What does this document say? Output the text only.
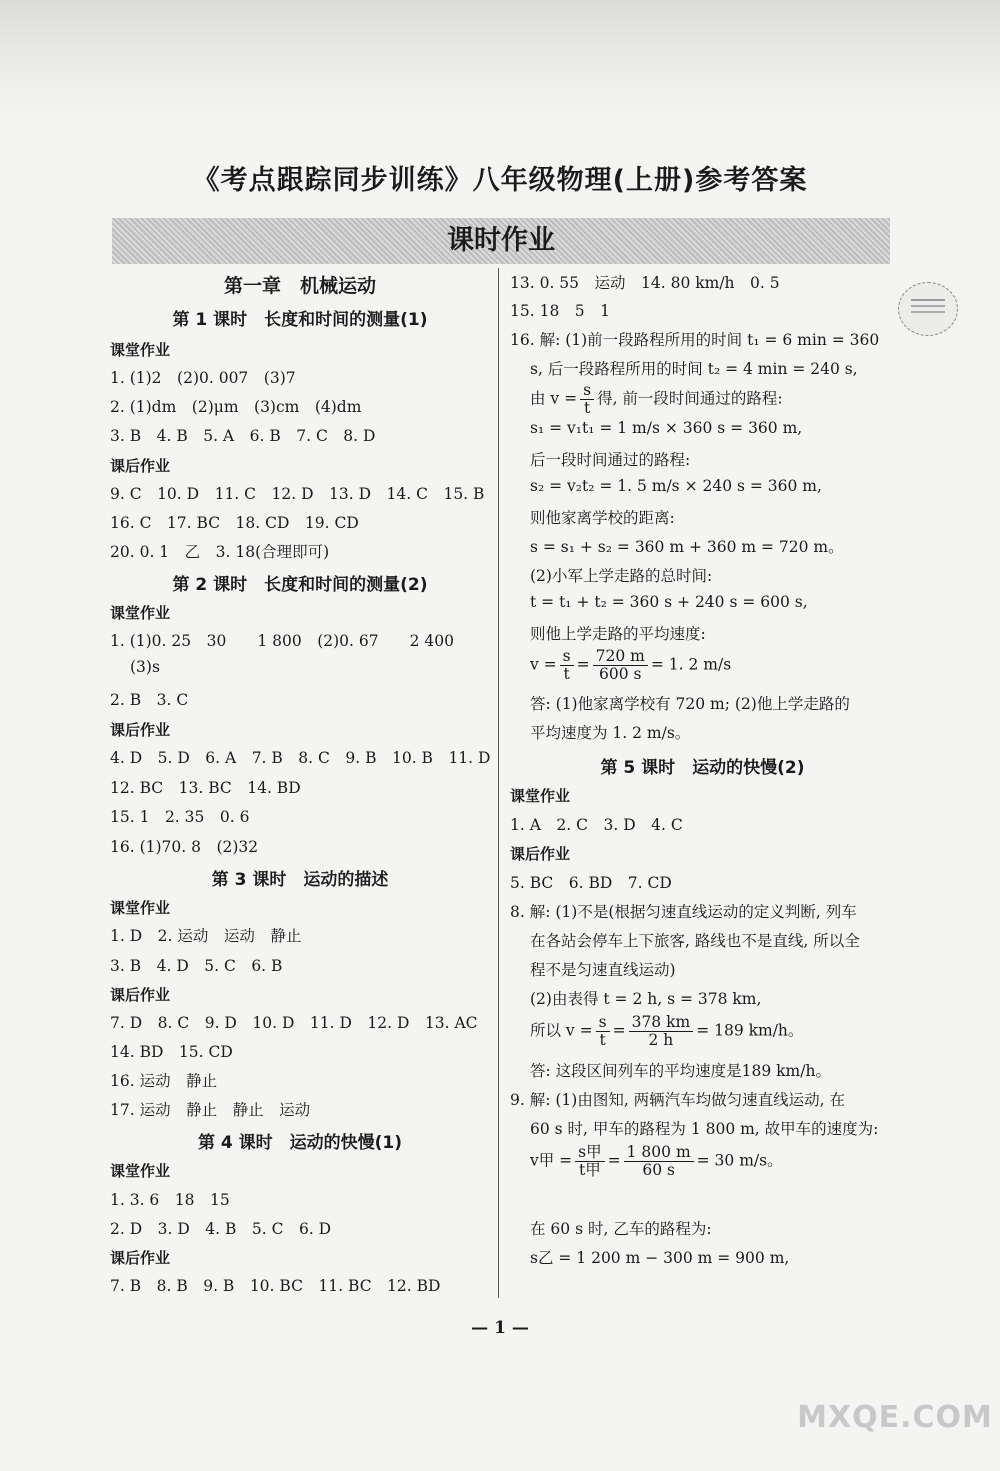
《考点跟踪同步训练》八年级物理(上册)参考答案
课时作业
第一章　机械运动
第 1 课时　长度和时间的测量(1)
课堂作业
1. (1)2　(2)0. 007　(3)7
2. (1)dm　(2)μm　(3)cm　(4)dm
3. B　4. B　5. A　6. B　7. C　8. D
课后作业
9. C　10. D　11. C　12. D　13. D　14. C　15. B
16. C　17. BC　18. CD　19. CD
20. 0. 1　乙　3. 18(合理即可)
第 2 课时　长度和时间的测量(2)
课堂作业
1. (1)0. 25　30　　1 800　(2)0. 67　　2 400
(3)s
2. B　3. C
课后作业
4. D　5. D　6. A　7. B　8. C　9. B　10. B　11. D
12. BC　13. BC　14. BD
15. 1　2. 35　0. 6
16. (1)70. 8　(2)32
第 3 课时　运动的描述
课堂作业
1. D　2. 运动　运动　静止
3. B　4. D　5. C　6. B
课后作业
7. D　8. C　9. D　10. D　11. D　12. D　13. AC
14. BD　15. CD
16. 运动　静止
17. 运动　静止　静止　运动
第 4 课时　运动的快慢(1)
课堂作业
1. 3. 6　18　15
2. D　3. D　4. B　5. C　6. D
课后作业
7. B　8. B　9. B　10. BC　11. BC　12. BD
13. 0. 55　运动　14. 80 km/h　0. 5
15. 18　5　1
16. 解: (1)前一段路程所用的时间 t₁ = 6 min = 360
s, 后一段路程所用的时间 t₂ = 4 min = 240 s,
由 $v = \frac{s}{t}$ 得, 前一段时间通过的路程:
s₁ = v₁t₁ = 1 m/s × 360 s = 360 m,
后一段时间通过的路程:
s₂ = v₂t₂ = 1. 5 m/s × 240 s = 360 m,
则他家离学校的距离:
s = s₁ + s₂ = 360 m + 360 m = 720 m。
(2)小军上学走路的总时间:
t = t₁ + t₂ = 360 s + 240 s = 600 s,
则他上学走路的平均速度:
$v = \frac{s}{t} = \frac{720 m}{600 s} = 1$. 2 m/s
答: (1)他家离学校有 720 m; (2)他上学走路的
平均速度为 1. 2 m/s。
第 5 课时　运动的快慢(2)
课堂作业
1. A　2. C　3. D　4. C
课后作业
5. BC　6. BD　7. CD
8. 解: (1)不是(根据匀速直线运动的定义判断, 列车
在各站会停车上下旅客, 路线也不是直线, 所以全
程不是匀速直线运动)
(2)由表得 t = 2 h, s = 378 km,
所以 $v = \frac{s}{t} = \frac{378 km}{2 h} = 189$ km/h。
答: 这段区间列车的平均速度是189 km/h。
9. 解: (1)由图知, 两辆汽车均做匀速直线运动, 在
60 s 时, 甲车的路程为 1 800 m, 故甲车的速度为:
v甲 = $\frac{\text{s甲}}{\text{t甲}} = \frac{1 800 m}{60 s} = 30$ m/s。
在 60 s 时, 乙车的路程为:
s乙 = 1 200 m − 300 m = 900 m,
— 1 —
MXQE.COM
